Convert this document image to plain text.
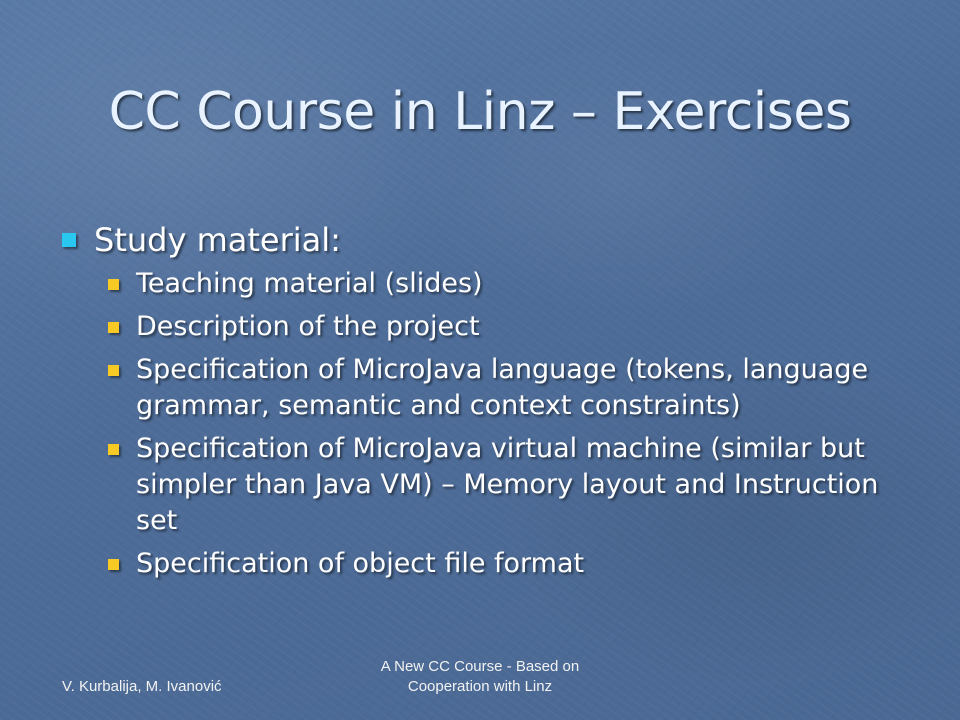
CC Course in Linz – Exercises
Study material:
Teaching material (slides)
Description of the project
Specification of MicroJava language (tokens, language grammar, semantic and context constraints)
Specification of MicroJava virtual machine (similar but simpler than Java VM) – Memory layout and Instruction set
Specification of object file format
V. Kurbalija, M. Ivanović
A New CC Course - Based on
Cooperation with Linz
